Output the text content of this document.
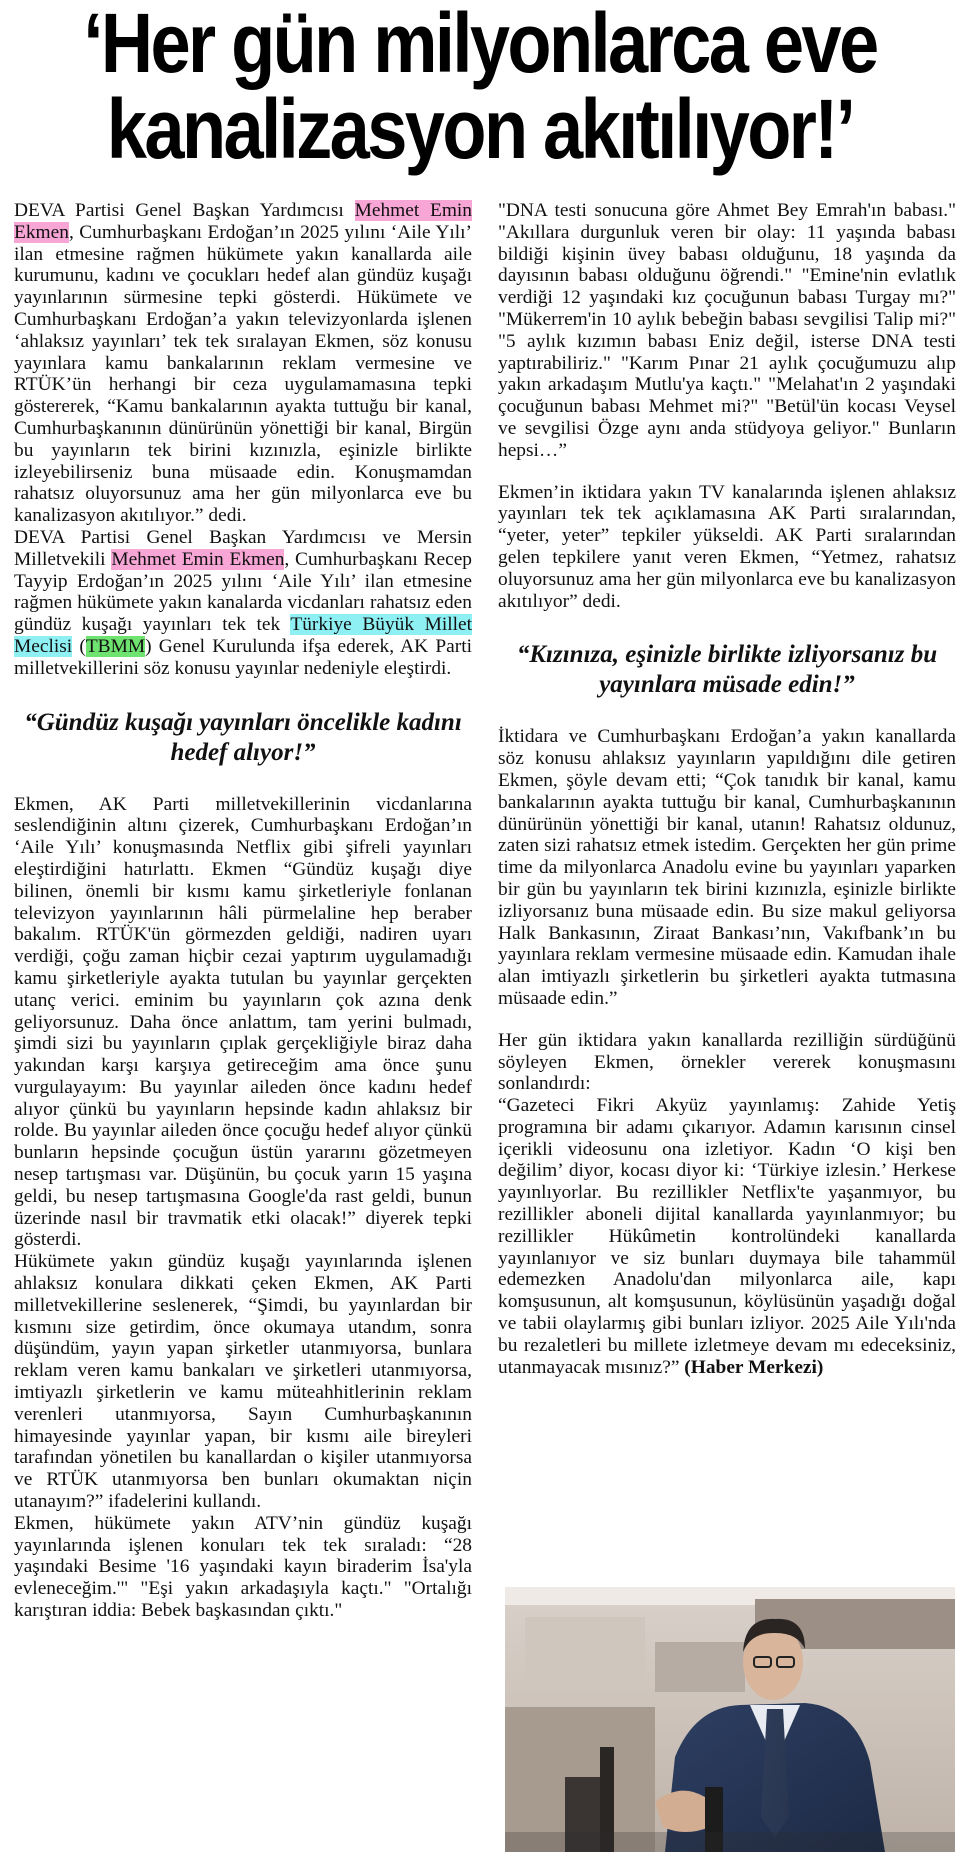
‘Her gün milyonlarca eve
kanalizasyon akıtılıyor!’

DEVA Partisi Genel Başkan Yardımcısı Mehmet Emin Ekmen, Cumhurbaşkanı Erdoğan’ın 2025 yılını ‘Aile Yılı’ ilan etmesine rağmen hükümete yakın kanallarda aile kurumunu, kadını ve çocukları hedef alan gündüz kuşağı yayınlarının sürmesine tepki gösterdi. Hükümete ve Cumhurbaşkanı Erdoğan’a yakın televizyonlarda işlenen ‘ahlaksız yayınları’ tek tek sıralayan Ekmen, söz konusu yayınlara kamu bankalarının reklam vermesine ve RTÜK’ün herhangi bir ceza uygulamamasına tepki göstererek, “Kamu bankalarının ayakta tuttuğu bir kanal, Cumhurbaşkanının dünürünün yönettiği bir kanal, Birgün bu yayınların tek birini kızınızla, eşinizle birlikte izleyebilirseniz buna müsaade edin. Konuşmamdan rahatsız oluyorsunuz ama her gün milyonlarca eve bu kanalizasyon akıtılıyor.” dedi.

DEVA Partisi Genel Başkan Yardımcısı ve Mersin Milletvekili Mehmet Emin Ekmen, Cumhurbaşkanı Recep Tayyip Erdoğan’ın 2025 yılını ‘Aile Yılı’ ilan etmesine rağmen hükümete yakın kanalarda vicdanları rahatsız eden gündüz kuşağı yayınları tek tek Türkiye Büyük Millet Meclisi (TBMM) Genel Kurulunda ifşa ederek, AK Parti milletvekillerini söz konusu yayınlar nedeniyle eleştirdi.

“Gündüz kuşağı yayınları öncelikle kadını hedef alıyor!”

Ekmen, AK Parti milletvekillerinin vicdanlarına seslendiğinin altını çizerek, Cumhurbaşkanı Erdoğan’ın ‘Aile Yılı’ konuşmasında Netflix gibi şifreli yayınları eleştirdiğini hatırlattı. Ekmen “Gündüz kuşağı diye bilinen, önemli bir kısmı kamu şirketleriyle fonlanan televizyon yayınlarının hâli pürmelaline hep beraber bakalım. RTÜK'ün görmezden geldiği, nadiren uyarı verdiği, çoğu zaman hiçbir cezai yaptırım uygulamadığı kamu şirketleriyle ayakta tutulan bu yayınlar gerçekten utanç verici. eminim bu yayınların çok azına denk geliyorsunuz. Daha önce anlattım, tam yerini bulmadı, şimdi sizi bu yayınların çıplak gerçekliğiyle biraz daha yakından karşı karşıya getireceğim ama önce şunu vurgulayayım: Bu yayınlar aileden önce kadını hedef alıyor çünkü bu yayınların hepsinde kadın ahlaksız bir rolde. Bu yayınlar aileden önce çocuğu hedef alıyor çünkü bunların hepsinde çocuğun üstün yararını gözetmeyen nesep tartışması var. Düşünün, bu çocuk yarın 15 yaşına geldi, bu nesep tartışmasına Google'da rast geldi, bunun üzerinde nasıl bir travmatik etki olacak!” diyerek tepki gösterdi.

Hükümete yakın gündüz kuşağı yayınlarında işlenen ahlaksız konulara dikkati çeken Ekmen, AK Parti milletvekillerine seslenerek, “Şimdi, bu yayınlardan bir kısmını size getirdim, önce okumaya utandım, sonra düşündüm, yayın yapan şirketler utanmıyorsa, bunlara reklam veren kamu bankaları ve şirketleri utanmıyorsa, imtiyazlı şirketlerin ve kamu müteahhitlerinin reklam verenleri utanmıyorsa, Sayın Cumhurbaşkanının himayesinde yayınlar yapan, bir kısmı aile bireyleri tarafından yönetilen bu kanallardan o kişiler utanmıyorsa ve RTÜK utanmıyorsa ben bunları okumaktan niçin utanayım?” ifadelerini kullandı.

Ekmen, hükümete yakın ATV’nin gündüz kuşağı yayınlarında işlenen konuları tek tek sıraladı: “28 yaşındaki Besime '16 yaşındaki kayın biraderim İsa'yla evleneceğim.'" "Eşi yakın arkadaşıyla kaçtı." "Ortalığı karıştıran iddia: Bebek başkasından çıktı."

"DNA testi sonucuna göre Ahmet Bey Emrah'ın babası." "Akıllara durgunluk veren bir olay: 11 yaşında babası bildiği kişinin üvey babası olduğunu, 18 yaşında da dayısının babası olduğunu öğrendi." "Emine'nin evlatlık verdiği 12 yaşındaki kız çocuğunun babası Turgay mı?" "Mükerrem'in 10 aylık bebeğin babası sevgilisi Talip mi?" "5 aylık kızımın babası Eniz değil, isterse DNA testi yaptırabiliriz." "Karım Pınar 21 aylık çocuğumuzu alıp yakın arkadaşım Mutlu'ya kaçtı." "Melahat'ın 2 yaşındaki çocuğunun babası Mehmet mi?" "Betül'ün kocası Veysel ve sevgilisi Özge aynı anda stüdyoya geliyor." Bunların hepsi…”

Ekmen’in iktidara yakın TV kanalarında işlenen ahlaksız yayınları tek tek açıklamasına AK Parti sıralarından, “yeter, yeter” tepkiler yükseldi. AK Parti sıralarından gelen tepkilere yanıt veren Ekmen, “Yetmez, rahatsız oluyorsunuz ama her gün milyonlarca eve bu kanalizasyon akıtılıyor” dedi.

“Kızınıza, eşinizle birlikte izliyorsanız bu yayınlara müsade edin!”

İktidara ve Cumhurbaşkanı Erdoğan’a yakın kanallarda söz konusu ahlaksız yayınların yapıldığını dile getiren Ekmen, şöyle devam etti; “Çok tanıdık bir kanal, kamu bankalarının ayakta tuttuğu bir kanal, Cumhurbaşkanının dünürünün yönettiği bir kanal, utanın! Rahatsız oldunuz, zaten sizi rahatsız etmek istedim. Gerçekten her gün prime time da milyonlarca Anadolu evine bu yayınları yaparken bir gün bu yayınların tek birini kızınızla, eşinizle birlikte izliyorsanız buna müsaade edin. Bu size makul geliyorsa Halk Bankasının, Ziraat Bankası’nın, Vakıfbank’ın bu yayınlara reklam vermesine müsaade edin. Kamudan ihale alan imtiyazlı şirketlerin bu şirketleri ayakta tutmasına müsaade edin.”

Her gün iktidara yakın kanallarda rezilliğin sürdüğünü söyleyen Ekmen, örnekler vererek konuşmasını sonlandırdı:

“Gazeteci Fikri Akyüz yayınlamış: Zahide Yetiş programına bir adamı çıkarıyor. Adamın karısının cinsel içerikli videosunu ona izletiyor. Kadın ‘O kişi ben değilim’ diyor, kocası diyor ki: ‘Türkiye izlesin.’ Herkese yayınlıyorlar. Bu rezillikler Netflix'te yaşanmıyor, bu rezillikler aboneli dijital kanallarda yayınlanmıyor; bu rezillikler Hükûmetin kontrolündeki kanallarda yayınlanıyor ve siz bunları duymaya bile tahammül edemezken Anadolu'dan milyonlarca aile, kapı komşusunun, alt komşusunun, köylüsünün yaşadığı doğal ve tabii olaylarmış gibi bunları izliyor. 2025 Aile Yılı'nda bu rezaletleri bu millete izletmeye devam mı edeceksiniz, utanmayacak mısınız?” (Haber Merkezi)
